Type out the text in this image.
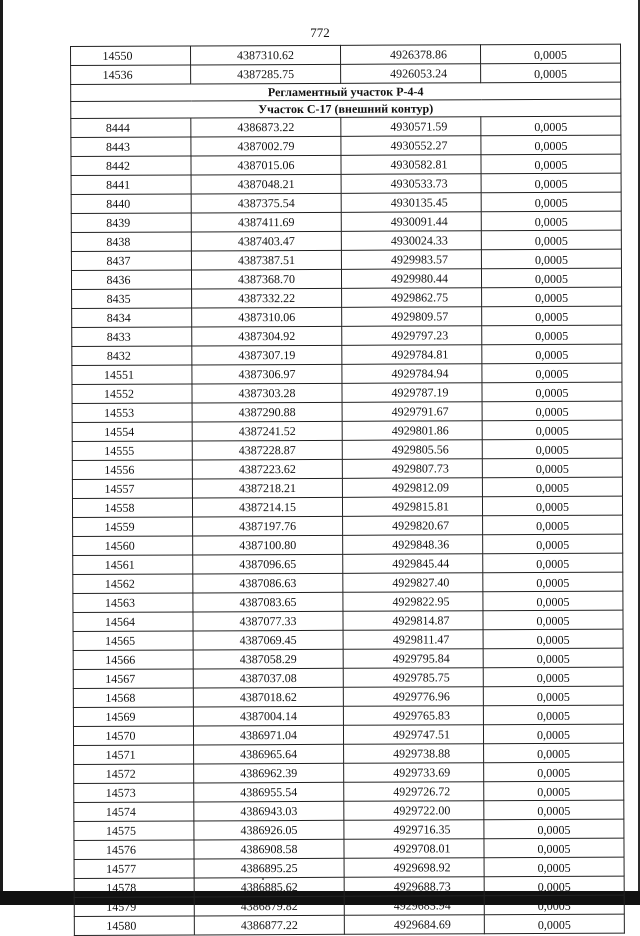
772
14550	4387310.62	4926378.86	0,0005
14536	4387285.75	4926053.24	0,0005
Регламентный участок Р-4-4			
Участок С-17 (внешний контур)			
8444	4386873.22	4930571.59	0,0005
8443	4387002.79	4930552.27	0,0005
8442	4387015.06	4930582.81	0,0005
8441	4387048.21	4930533.73	0,0005
8440	4387375.54	4930135.45	0,0005
8439	4387411.69	4930091.44	0,0005
8438	4387403.47	4930024.33	0,0005
8437	4387387.51	4929983.57	0,0005
8436	4387368.70	4929980.44	0,0005
8435	4387332.22	4929862.75	0,0005
8434	4387310.06	4929809.57	0,0005
8433	4387304.92	4929797.23	0,0005
8432	4387307.19	4929784.81	0,0005
14551	4387306.97	4929784.94	0,0005
14552	4387303.28	4929787.19	0,0005
14553	4387290.88	4929791.67	0,0005
14554	4387241.52	4929801.86	0,0005
14555	4387228.87	4929805.56	0,0005
14556	4387223.62	4929807.73	0,0005
14557	4387218.21	4929812.09	0,0005
14558	4387214.15	4929815.81	0,0005
14559	4387197.76	4929820.67	0,0005
14560	4387100.80	4929848.36	0,0005
14561	4387096.65	4929845.44	0,0005
14562	4387086.63	4929827.40	0,0005
14563	4387083.65	4929822.95	0,0005
14564	4387077.33	4929814.87	0,0005
14565	4387069.45	4929811.47	0,0005
14566	4387058.29	4929795.84	0,0005
14567	4387037.08	4929785.75	0,0005
14568	4387018.62	4929776.96	0,0005
14569	4387004.14	4929765.83	0,0005
14570	4386971.04	4929747.51	0,0005
14571	4386965.64	4929738.88	0,0005
14572	4386962.39	4929733.69	0,0005
14573	4386955.54	4929726.72	0,0005
14574	4386943.03	4929722.00	0,0005
14575	4386926.05	4929716.35	0,0005
14576	4386908.58	4929708.01	0,0005
14577	4386895.25	4929698.92	0,0005
14578	4386885.62	4929688.73	0,0005
14579	4386879.82	4929685.94	0,0005
14580	4386877.22	4929684.69	0,0005
